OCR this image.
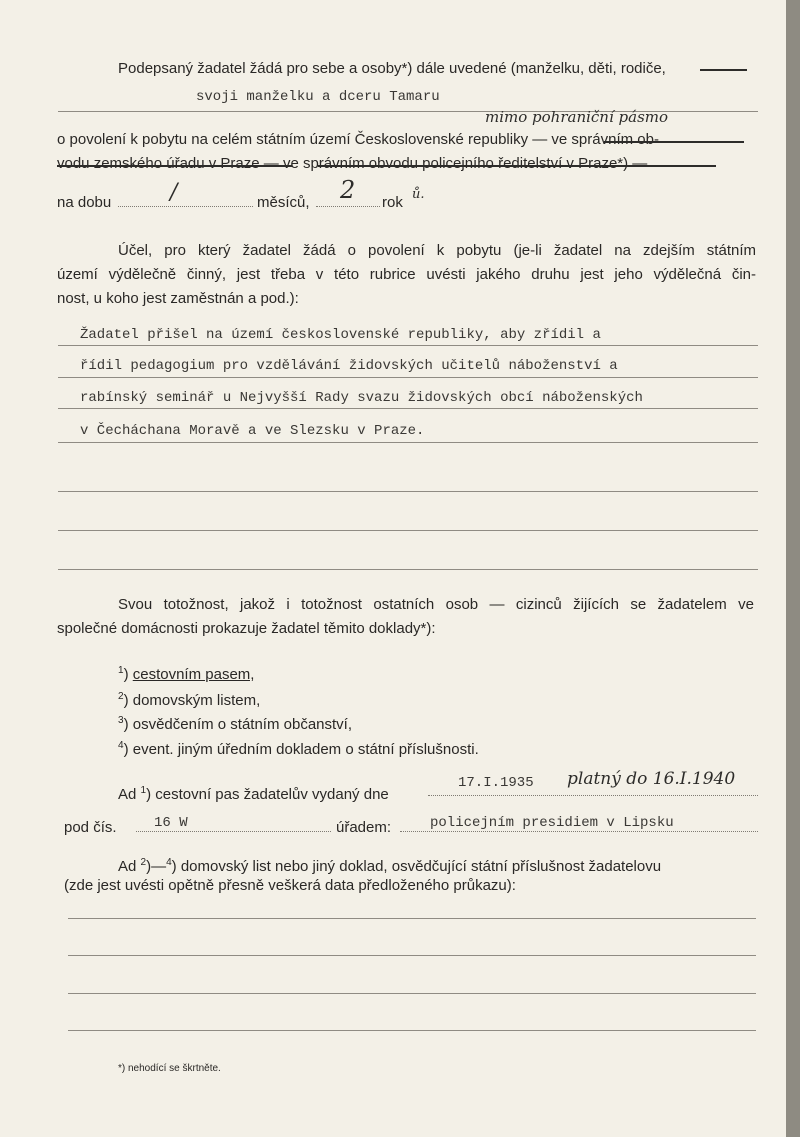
Podepsaný žadatel žádá pro sebe a osoby*) dále uvedené (manželku, děti, rodiče,
svoji manželku a dceru Tamaru
mimo pohraniční pásmo
o povolení k pobytu na celém státním území Československé republiky — ve správním ob-
vodu zemského úřadu v Praze — ve správním obvodu policejního ředitelství v Praze*) —
na dobu	/	měsíců, 2 rok ů.
Účel, pro který žadatel žádá o povolení k pobytu (je-li žadatel na zdejším státním
území výdělečně činný, jest třeba v této rubrice uvésti jakého druhu jest jeho výdělečná čin-
nost, u koho jest zaměstnán a pod.):
Žadatel přišel na území československé republiky, aby zřídil a
řídil pedagogium pro vzdělávání židovských učitelů náboženství a
rabínský seminář u Nejvyšší Rady svazu židovských obcí náboženských
v Čecháchana Moravě a ve Slezsku v Praze.
Svou totožnost, jakož i totožnost ostatních osob — cizinců žijících se žadatelem ve
společné domácnosti prokazuje žadatel těmito doklady*):
$^1$) cestovním pasem,
$^2$) domovským listem,
$^3$) osvědčením o státním občanství,
$^4$) event. jiným úředním dokladem o státní příslušnosti.
Ad $^1$) cestovní pas žadatelův vydaný dne
17.I.1935 platný do 16.I.1940
pod čís.	16 W	úřadem:	policejním presidiem v Lipsku
Ad $^2$)—$^4$) domovský list nebo jiný doklad, osvědčující státní příslušnost žadatelovu
(zde jest uvésti opětně přesně veškerá data předloženého průkazu):
*) nehodící se škrtněte.
